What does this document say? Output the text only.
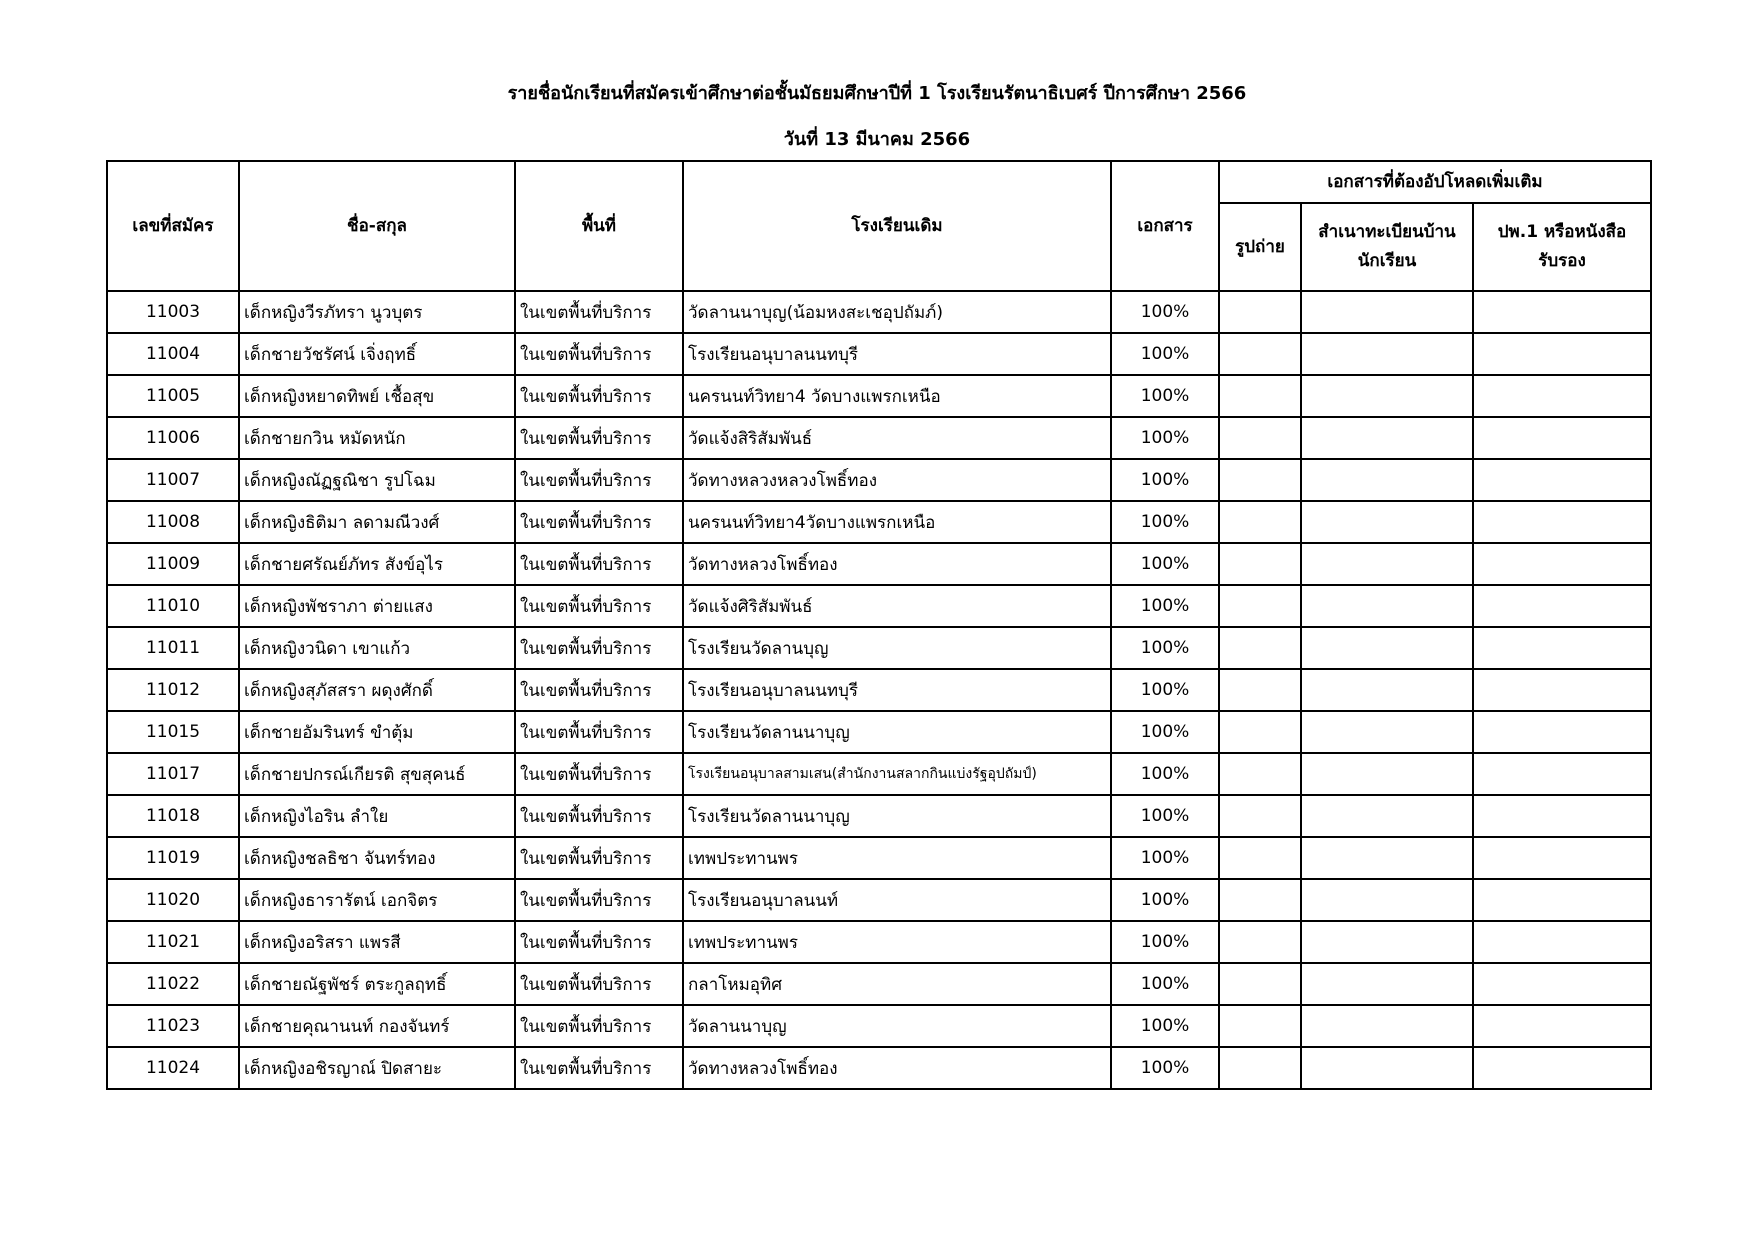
รายชื่อนักเรียนที่สมัครเข้าศึกษาต่อชั้นมัธยมศึกษาปีที่ 1 โรงเรียนรัตนาธิเบศร์ ปีการศึกษา 2566
วันที่ 13 มีนาคม 2566
เลขที่สมัคร	ชื่อ-สกุล	พื้นที่	โรงเรียนเดิม	เอกสาร	เอกสารที่ต้องอัปโหลดเพิ่มเติม		
					รูปถ่าย	สำเนาทะเบียนบ้าน นักเรียน	ปพ.1 หรือหนังสือรับรอง
11003	เด็กหญิงวีรภัทรา นูวบุตร	ในเขตพื้นที่บริการ	วัดลานนาบุญ(น้อมหงสะเชอุปถัมภ์)	100%			
11004	เด็กชายวัชรัศน์ เจิ่งฤทธิ์	ในเขตพื้นที่บริการ	โรงเรียนอนุบาลนนทบุรี	100%			
11005	เด็กหญิงหยาดทิพย์ เชื้อสุข	ในเขตพื้นที่บริการ	นครนนท์วิทยา4 วัดบางแพรกเหนือ	100%			
11006	เด็กชายกวิน หมัดหนัก	ในเขตพื้นที่บริการ	วัดแจ้งสิริสัมพันธ์	100%			
11007	เด็กหญิงณัฏฐณิชา รูปโฉม	ในเขตพื้นที่บริการ	วัดทางหลวงหลวงโพธิ์ทอง	100%			
11008	เด็กหญิงธิติมา ลดามณีวงศ์	ในเขตพื้นที่บริการ	นครนนท์วิทยา4วัดบางแพรกเหนือ	100%			
11009	เด็กชายศรัณย์ภัทร สังข์อุไร	ในเขตพื้นที่บริการ	วัดทางหลวงโพธิ์ทอง	100%			
11010	เด็กหญิงพัชราภา ต่ายแสง	ในเขตพื้นที่บริการ	วัดแจ้งศิริสัมพันธ์	100%			
11011	เด็กหญิงวนิดา เขาแก้ว	ในเขตพื้นที่บริการ	โรงเรียนวัดลานบุญ	100%			
11012	เด็กหญิงสุภัสสรา ผดุงศักดิ์	ในเขตพื้นที่บริการ	โรงเรียนอนุบาลนนทบุรี	100%			
11015	เด็กชายอัมรินทร์ ขำตุ้ม	ในเขตพื้นที่บริการ	โรงเรียนวัดลานนาบุญ	100%			
11017	เด็กชายปกรณ์เกียรติ สุขสุคนธ์	ในเขตพื้นที่บริการ	โรงเรียนอนุบาลสามเสน(สำนักงานสลากกินแบ่งรัฐอุปถัมป์)	100%			
11018	เด็กหญิงไอริน ลำใย	ในเขตพื้นที่บริการ	โรงเรียนวัดลานนาบุญ	100%			
11019	เด็กหญิงชลธิชา จันทร์ทอง	ในเขตพื้นที่บริการ	เทพประทานพร	100%			
11020	เด็กหญิงธารารัตน์ เอกจิตร	ในเขตพื้นที่บริการ	โรงเรียนอนุบาลนนท์	100%			
11021	เด็กหญิงอริสรา แพรสี	ในเขตพื้นที่บริการ	เทพประทานพร	100%			
11022	เด็กชายณัฐพัชร์ ตระกูลฤทธิ์	ในเขตพื้นที่บริการ	กลาโหมอุทิศ	100%			
11023	เด็กชายคุณานนท์ กองจันทร์	ในเขตพื้นที่บริการ	วัดลานนาบุญ	100%			
11024	เด็กหญิงอชิรญาณ์ ปิดสายะ	ในเขตพื้นที่บริการ	วัดทางหลวงโพธิ์ทอง	100%			
